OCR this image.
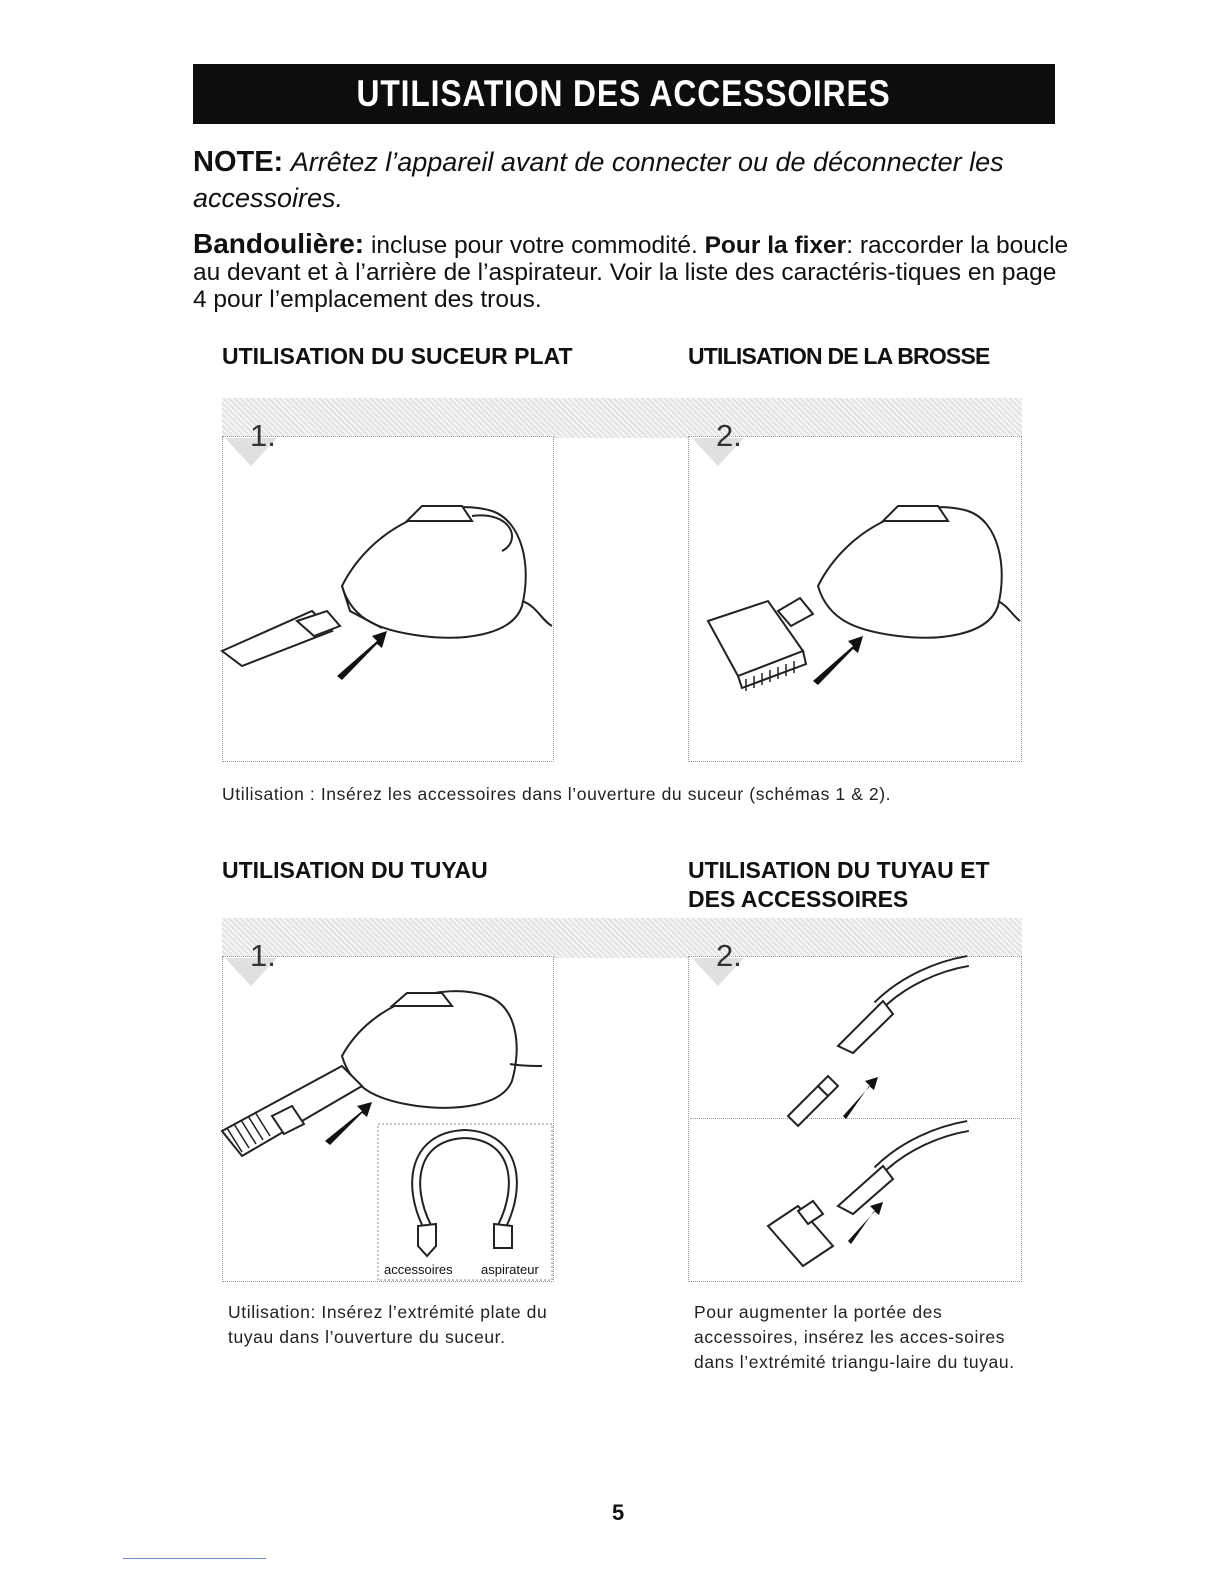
UTILISATION DES ACCESSOIRES
NOTE: Arrêtez l’appareil avant de connecter ou de déconnecter les accessoires.
Bandoulière: incluse pour votre commodité. Pour la fixer: raccorder la boucle au devant et à l’arrière de l’aspirateur. Voir la liste des caractéris-tiques en page 4 pour l’emplacement des trous.
UTILISATION DU SUCEUR PLAT	UTILISATION DE LA BROSSE
1.	2.
Utilisation : Insérez les accessoires dans l’ouverture du suceur (schémas 1 & 2).
UTILISATION DU TUYAU	UTILISATION DU TUYAU ET DES ACCESSOIRES
1.	2.
accessoires aspirateur
Utilisation: Insérez l’extrémité plate du tuyau dans l’ouverture du suceur.
Pour augmenter la portée des accessoires, insérez les acces-soires dans l’extrémité triangu-laire du tuyau.
5
